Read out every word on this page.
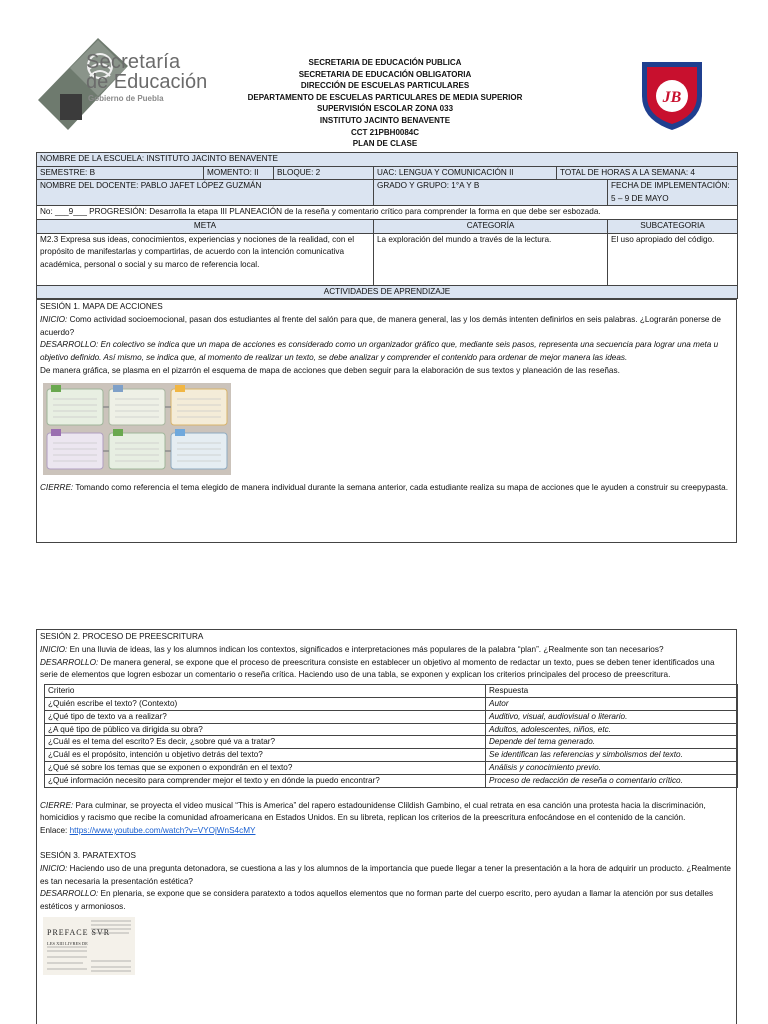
Secretaría
de Educación
Gobierno de Puebla
SECRETARIA DE EDUCACIÓN PUBLICA
SECRETARIA DE EDUCACIÓN OBLIGATORIA
DIRECCIÓN DE ESCUELAS PARTICULARES
DEPARTAMENTO DE ESCUELAS PARTICULARES DE MEDIA SUPERIOR
SUPERVISIÓN ESCOLAR ZONA 033
INSTITUTO JACINTO BENAVENTE
CCT 21PBH0084C
PLAN DE CLASE
JB
NOMBRE DE LA ESCUELA: INSTITUTO JACINTO BENAVENTE					
SEMESTRE: B	MOMENTO: II	BLOQUE: 2	UAC: LENGUA Y COMUNICACIÓN II	TOTAL DE HORAS A LA SEMANA: 4	
NOMBRE DEL DOCENTE: PABLO JAFET LÓPEZ GUZMÁN			GRADO Y GRUPO: 1°A Y B		FECHA DE IMPLEMENTACIÓN:
5 – 9 DE MAYO

No: ___9___ PROGRESIÓN: Desarrolla la etapa III PLANEACIÓN de la reseña y comentario crítico para comprender la forma en que debe ser esbozada.					
META			CATEGORÍA		SUBCATEGORIA
M2.3 Expresa sus ideas, conocimientos, experiencias y nociones de la realidad, con el propósito de manifestarlas y compartirlas, de acuerdo con la intención comunicativa académica, personal o social y su marco de referencia local.			La exploración del mundo a través de la lectura.		El uso apropiado del código.
ACTIVIDADES DE APRENDIZAJE					

SESIÓN 1. MAPA DE ACCIONES

INICIO: Como actividad socioemocional, pasan dos estudiantes al frente del salón para que, de manera general, las y los demás intenten definirlos en seis palabras. ¿Lograrán ponerse de acuerdo?

DESARROLLO: En colectivo se indica que un mapa de acciones es considerado como un organizador gráfico que, mediante seis pasos, representa una secuencia para lograr una meta u objetivo definido. Así mismo, se indica que, al momento de realizar un texto, se debe analizar y comprender el contenido para ordenar de mejor manera las ideas.

De manera gráfica, se plasma en el pizarrón el esquema de mapa de acciones que deben seguir para la elaboración de sus textos y planeación de las reseñas.

CIERRE: Tomando como referencia el tema elegido de manera individual durante la semana anterior, cada estudiante realiza su mapa de acciones que le ayuden a construir su creepypasta.

SESIÓN 2. PROCESO DE PREESCRITURA

INICIO: En una lluvia de ideas, las y los alumnos indican los contextos, significados e interpretaciones más populares de la palabra “plan”. ¿Realmente son tan necesarios?

DESARROLLO: De manera general, se expone que el proceso de preescritura consiste en establecer un objetivo al momento de redactar un texto, pues se deben tener identificados una serie de elementos que logren esbozar un comentario o reseña crítica. Haciendo uso de una tabla, se exponen y explican los criterios principales del proceso de preescritura.

Criterio	Respuesta
¿Quién escribe el texto? (Contexto)	Autor
¿Qué tipo de texto va a realizar?	Auditivo, visual, audiovisual o literario.
¿A qué tipo de público va dirigida su obra?	Adultos, adolescentes, niños, etc.
¿Cuál es el tema del escrito? Es decir, ¿sobre qué va a tratar?	Depende del tema generado.
¿Cuál es el propósito, intención u objetivo detrás del texto?	Se identifican las referencias y simbolismos del texto.
¿Qué sé sobre los temas que se exponen o expondrán en el texto?	Análisis y conocimiento previo.
¿Qué información necesito para comprender mejor el texto y en dónde la puedo encontrar?	Proceso de redacción de reseña o comentario crítico.

CIERRE: Para culminar, se proyecta el video musical “This is America” del rapero estadounidense Clildish Gambino, el cual retrata en esa canción una protesta hacia la discriminación, homicidios y racismo que recibe la comunidad afroamericana en Estados Unidos. En su libreta, replican los criterios de la preescritura enfocándose en el contenido de la canción.

Enlace: https://www.youtube.com/watch?v=VYOjWnS4cMY

SESIÓN 3. PARATEXTOS

INICIO: Haciendo uso de una pregunta detonadora, se cuestiona a las y los alumnos de la importancia que puede llegar a tener la presentación a la hora de adquirir un producto. ¿Realmente es tan necesaria la presentación estética?

DESARROLLO: En plenaria, se expone que se considera paratexto a todos aquellos elementos que no forman parte del cuerpo escrito, pero ayudan a llamar la atención por sus detalles estéticos y armoniosos.

PREFACE SVR
LES XIII LIVRES DE
